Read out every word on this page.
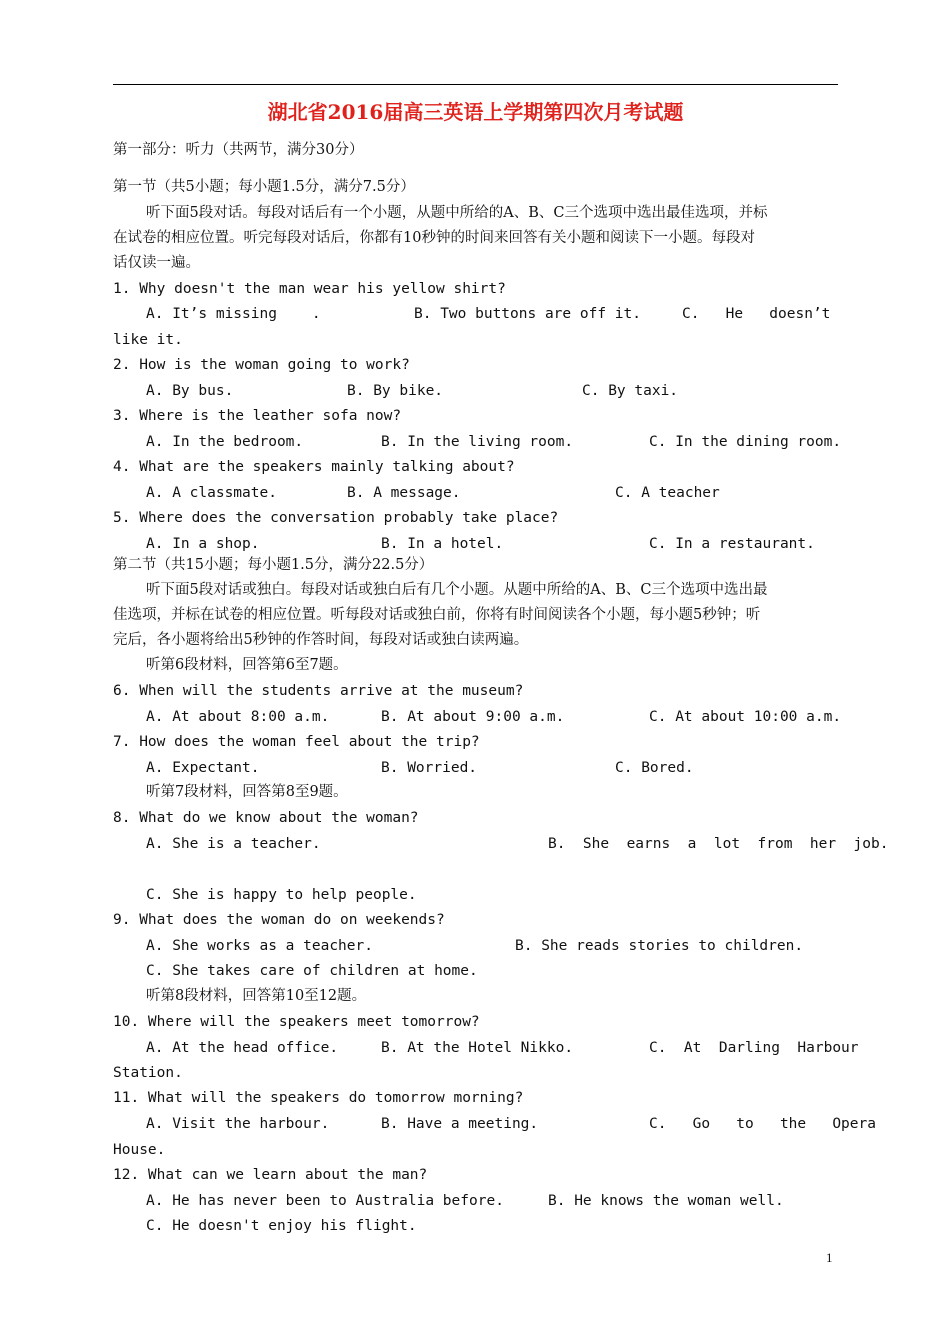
湖北省2016届高三英语上学期第四次月考试题
第一部分：听力（共两节，满分30分）
第一节（共5小题；每小题1.5分，满分7.5分）
听下面5段对话。每段对话后有一个小题，从题中所给的A、B、C三个选项中选出最佳选项，并标
在试卷的相应位置。听完每段对话后，你都有10秒钟的时间来回答有关小题和阅读下一小题。每段对
话仅读一遍。
1. Why doesn't the man wear his yellow shirt?
A. It’s missing    .	B. Two buttons are off it.	C.   He   doesn’t
like it.
2. How is the woman going to work?
A. By bus.	B. By bike.	C. By taxi.
3. Where is the leather sofa now?
A. In the bedroom.	B. In the living room.	C. In the dining room.
4. What are the speakers mainly talking about?
A. A classmate.	B. A message.	C. A teacher
5. Where does the conversation probably take place?
A. In a shop.	B. In a hotel.	C. In a restaurant.
第二节（共15小题；每小题1.5分，满分22.5分）
听下面5段对话或独白。每段对话或独白后有几个小题。从题中所给的A、B、C三个选项中选出最
佳选项，并标在试卷的相应位置。听每段对话或独白前，你将有时间阅读各个小题，每小题5秒钟；听
完后，各小题将给出5秒钟的作答时间，每段对话或独白读两遍。
听第6段材料，回答第6至7题。
6. When will the students arrive at the museum?
A. At about 8:00 a.m.	B. At about 9:00 a.m.	C. At about 10:00 a.m.
7. How does the woman feel about the trip?
A. Expectant.	B. Worried.	C. Bored.
听第7段材料，回答第8至9题。
8. What do we know about the woman?
A. She is a teacher.	B.  She  earns  a  lot  from  her  job.
C. She is happy to help people.
9. What does the woman do on weekends?
A. She works as a teacher.	B. She reads stories to children.
C. She takes care of children at home.
听第8段材料，回答第10至12题。
10. Where will the speakers meet tomorrow?
A. At the head office.	B. At the Hotel Nikko.	C.  At  Darling  Harbour
Station.
11. What will the speakers do tomorrow morning?
A. Visit the harbour.	B. Have a meeting.	C.   Go   to   the   Opera
House.
12. What can we learn about the man?
A. He has never been to Australia before.	B. He knows the woman well.
C. He doesn't enjoy his flight.
1
